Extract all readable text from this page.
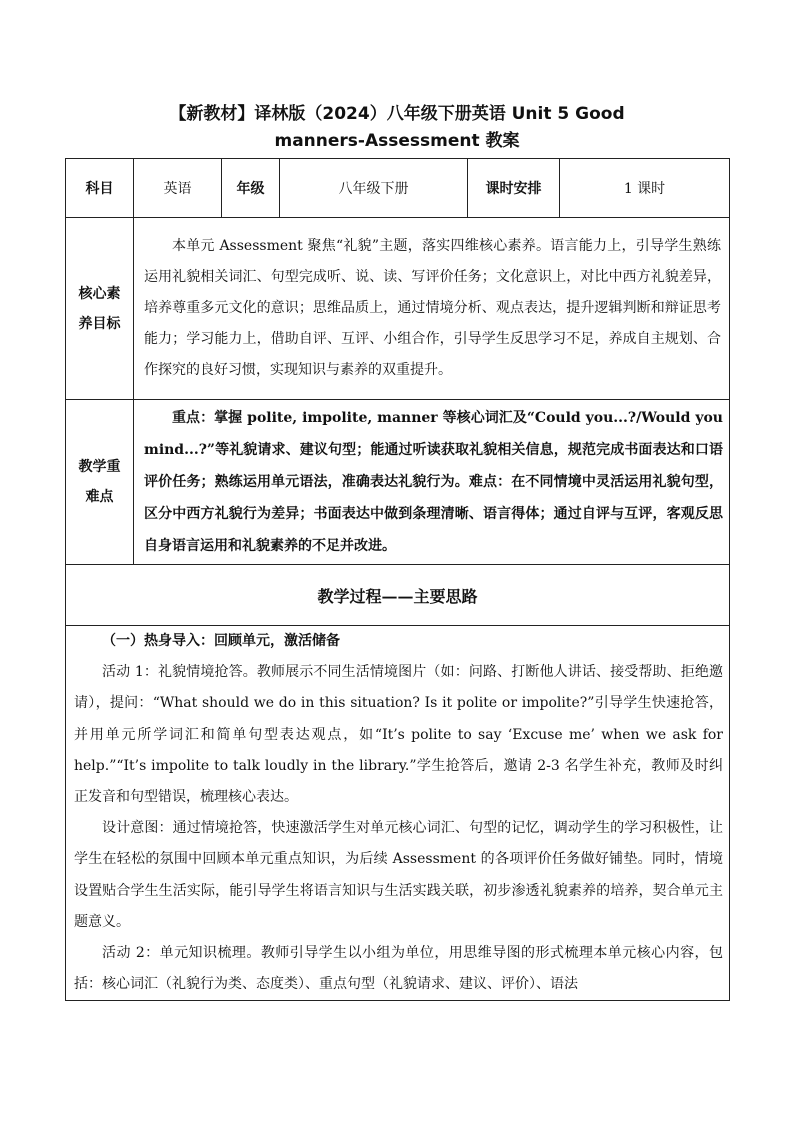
【新教材】译林版（2024）八年级下册英语 Unit 5 Good
manners-Assessment 教案
科目	英语	年级	八年级下册	课时安排	1 课时

核心素
养目标	本单元 Assessment 聚焦“礼貌”主题，落实四维核心素养。语言能力上，引导学生熟练运用礼貌相关词汇、句型完成听、说、读、写评价任务；文化意识上，对比中西方礼貌差异，培养尊重多元文化的意识；思维品质上，通过情境分析、观点表达，提升逻辑判断和辩证思考能力；学习能力上，借助自评、互评、小组合作，引导学生反思学习不足，养成自主规划、合作探究的良好习惯，实现知识与素养的双重提升。				

教学重
难点	重点：掌握 polite, impolite, manner 等核心词汇及“Could you...?/Would you mind...?”等礼貌请求、建议句型；能通过听读获取礼貌相关信息，规范完成书面表达和口语评价任务；熟练运用单元语法，准确表达礼貌行为。难点：在不同情境中灵活运用礼貌句型，区分中西方礼貌行为差异；书面表达中做到条理清晰、语言得体；通过自评与互评，客观反思自身语言运用和礼貌素养的不足并改进。				

教学过程——主要思路					

（一）热身导入：回顾单元，激活储备

活动 1：礼貌情境抢答。教师展示不同生活情境图片（如：问路、打断他人讲话、接受帮助、拒绝邀请），提问：“What should we do in this situation? Is it polite or impolite?”引导学生快速抢答，并用单元所学词汇和简单句型表达观点，如“It’s polite to say ‘Excuse me’ when we ask for help.”“It’s impolite to talk loudly in the library.”学生抢答后，邀请 2-3 名学生补充，教师及时纠正发音和句型错误，梳理核心表达。

设计意图：通过情境抢答，快速激活学生对单元核心词汇、句型的记忆，调动学生的学习积极性，让学生在轻松的氛围中回顾本单元重点知识，为后续 Assessment 的各项评价任务做好铺垫。同时，情境设置贴合学生生活实际，能引导学生将语言知识与生活实践关联，初步渗透礼貌素养的培养，契合单元主题意义。

活动 2：单元知识梳理。教师引导学生以小组为单位，用思维导图的形式梳理本单元核心内容，包括：核心词汇（礼貌行为类、态度类）、重点句型（礼貌请求、建议、评价）、语法					
